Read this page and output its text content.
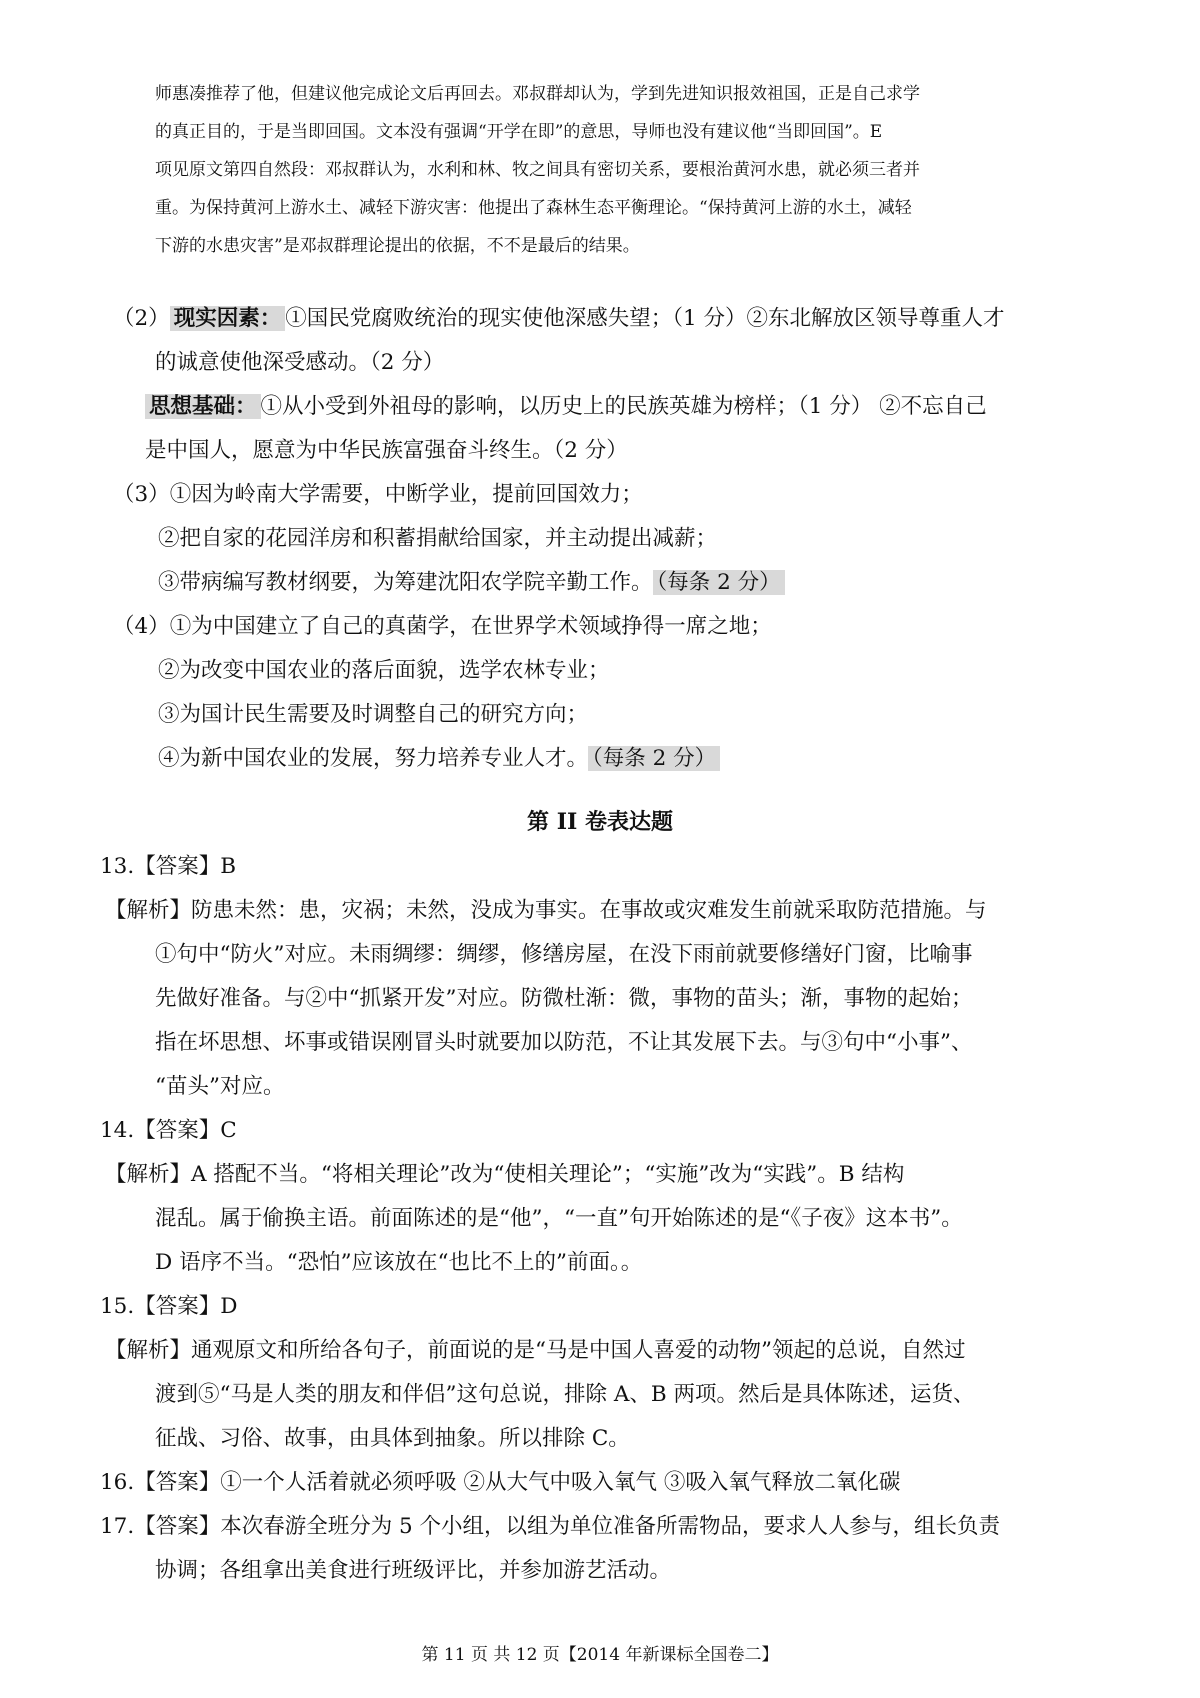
师惠凑推荐了他，但建议他完成论文后再回去。邓叔群却认为，学到先进知识报效祖国，正是自己求学
的真正目的，于是当即回国。文本没有强调“开学在即”的意思，导师也没有建议他“当即回国”。E
项见原文第四自然段：邓叔群认为，水利和林、牧之间具有密切关系，要根治黄河水患，就必须三者并
重。为保持黄河上游水土、减轻下游灾害：他提出了森林生态平衡理论。“保持黄河上游的水土，减轻
下游的水患灾害”是邓叔群理论提出的依据，不不是最后的结果。
（2） 现实因素： ①国民党腐败统治的现实使他深感失望；（1 分）②东北解放区领导尊重人才
的诚意使他深受感动。（2 分）
思想基础： ①从小受到外祖母的影响，以历史上的民族英雄为榜样；（1 分） ②不忘自己
是中国人，愿意为中华民族富强奋斗终生。（2 分）
（3）①因为岭南大学需要，中断学业，提前回国效力；
②把自家的花园洋房和积蓄捐献给国家，并主动提出减薪；
③带病编写教材纲要，为筹建沈阳农学院辛勤工作。 （每条 2 分）
（4）①为中国建立了自己的真菌学，在世界学术领域挣得一席之地；
②为改变中国农业的落后面貌，选学农林专业；
③为国计民生需要及时调整自己的研究方向；
④为新中国农业的发展，努力培养专业人才。 （每条 2 分）
第 II 卷表达题
13.【答案】B
【解析】防患未然：患，灾祸；未然，没成为事实。在事故或灾难发生前就采取防范措施。与
①句中“防火”对应。未雨绸缪：绸缪，修缮房屋，在没下雨前就要修缮好门窗，比喻事
先做好准备。与②中“抓紧开发”对应。防微杜渐：微，事物的苗头；渐，事物的起始；
指在坏思想、坏事或错误刚冒头时就要加以防范，不让其发展下去。与③句中“小事”、
“苗头”对应。
14.【答案】C
【解析】A 搭配不当。“将相关理论”改为“使相关理论”；“实施”改为“实践”。B 结构
混乱。属于偷换主语。前面陈述的是“他”，“一直”句开始陈述的是“《子夜》这本书”。
D 语序不当。“恐怕”应该放在“也比不上的”前面。。
15.【答案】D
【解析】通观原文和所给各句子，前面说的是“马是中国人喜爱的动物”领起的总说，自然过
渡到⑤“马是人类的朋友和伴侣”这句总说，排除 A、B 两项。然后是具体陈述，运货、
征战、习俗、故事，由具体到抽象。所以排除 C。
16.【答案】①一个人活着就必须呼吸 ②从大气中吸入氧气 ③吸入氧气释放二氧化碳
17.【答案】本次春游全班分为 5 个小组，以组为单位准备所需物品，要求人人参与，组长负责
协调；各组拿出美食进行班级评比，并参加游艺活动。
第 11 页 共 12 页【2014 年新课标全国卷二】
